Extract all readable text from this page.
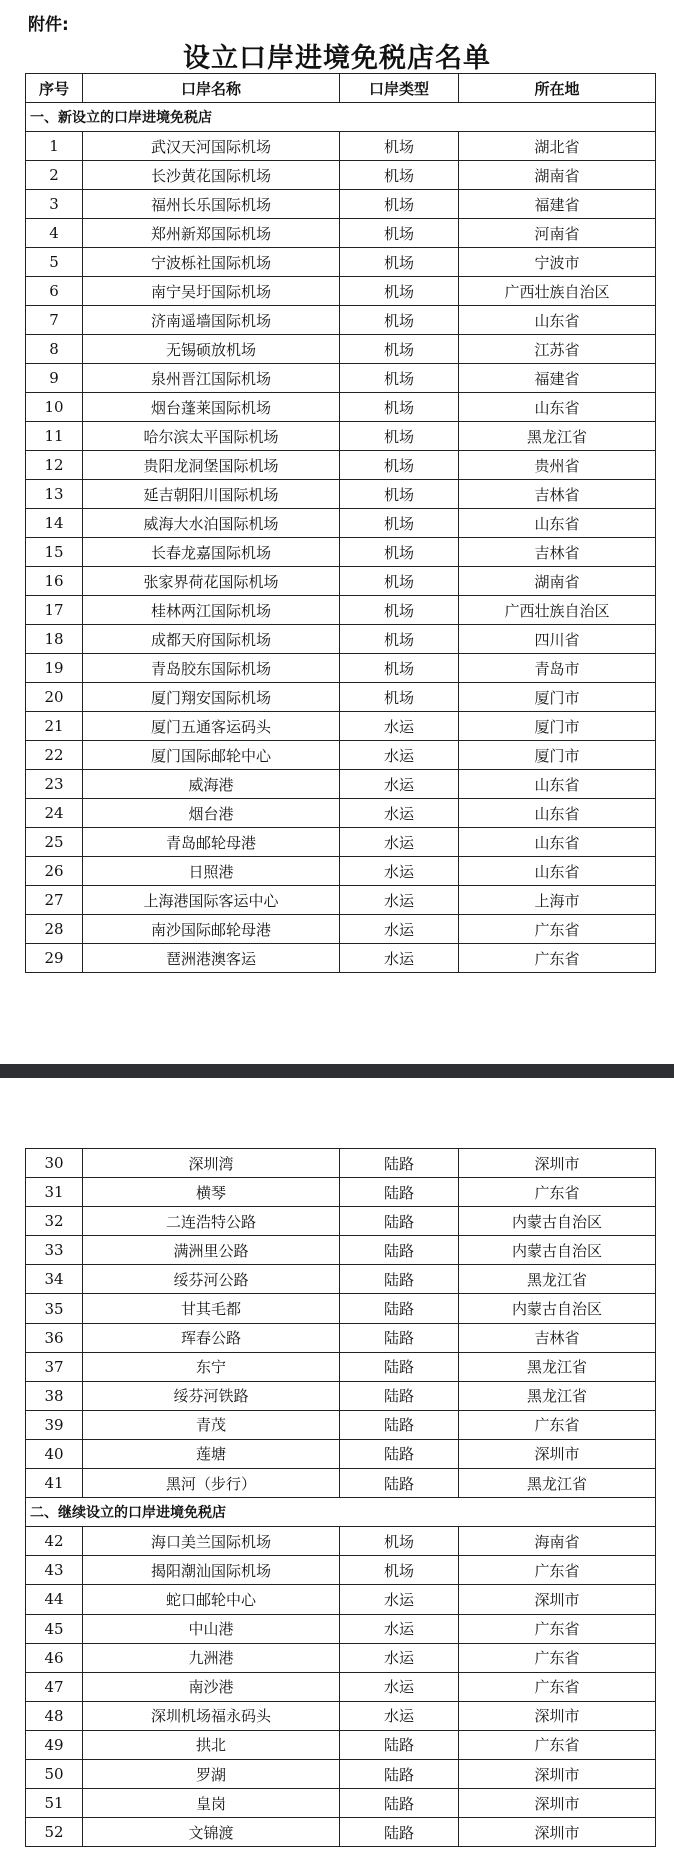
附件:
设立口岸进境免税店名单
序号	口岸名称	口岸类型	所在地
一、新设立的口岸进境免税店			
1	武汉天河国际机场	机场	湖北省
2	长沙黄花国际机场	机场	湖南省
3	福州长乐国际机场	机场	福建省
4	郑州新郑国际机场	机场	河南省
5	宁波栎社国际机场	机场	宁波市
6	南宁吴圩国际机场	机场	广西壮族自治区
7	济南遥墙国际机场	机场	山东省
8	无锡硕放机场	机场	江苏省
9	泉州晋江国际机场	机场	福建省
10	烟台蓬莱国际机场	机场	山东省
11	哈尔滨太平国际机场	机场	黑龙江省
12	贵阳龙洞堡国际机场	机场	贵州省
13	延吉朝阳川国际机场	机场	吉林省
14	威海大水泊国际机场	机场	山东省
15	长春龙嘉国际机场	机场	吉林省
16	张家界荷花国际机场	机场	湖南省
17	桂林两江国际机场	机场	广西壮族自治区
18	成都天府国际机场	机场	四川省
19	青岛胶东国际机场	机场	青岛市
20	厦门翔安国际机场	机场	厦门市
21	厦门五通客运码头	水运	厦门市
22	厦门国际邮轮中心	水运	厦门市
23	威海港	水运	山东省
24	烟台港	水运	山东省
25	青岛邮轮母港	水运	山东省
26	日照港	水运	山东省
27	上海港国际客运中心	水运	上海市
28	南沙国际邮轮母港	水运	广东省
29	琶洲港澳客运	水运	广东省
30	深圳湾	陆路	深圳市
31	横琴	陆路	广东省
32	二连浩特公路	陆路	内蒙古自治区
33	满洲里公路	陆路	内蒙古自治区
34	绥芬河公路	陆路	黑龙江省
35	甘其毛都	陆路	内蒙古自治区
36	珲春公路	陆路	吉林省
37	东宁	陆路	黑龙江省
38	绥芬河铁路	陆路	黑龙江省
39	青茂	陆路	广东省
40	莲塘	陆路	深圳市
41	黑河（步行）	陆路	黑龙江省
二、继续设立的口岸进境免税店			
42	海口美兰国际机场	机场	海南省
43	揭阳潮汕国际机场	机场	广东省
44	蛇口邮轮中心	水运	深圳市
45	中山港	水运	广东省
46	九洲港	水运	广东省
47	南沙港	水运	广东省
48	深圳机场福永码头	水运	深圳市
49	拱北	陆路	广东省
50	罗湖	陆路	深圳市
51	皇岗	陆路	深圳市
52	文锦渡	陆路	深圳市
